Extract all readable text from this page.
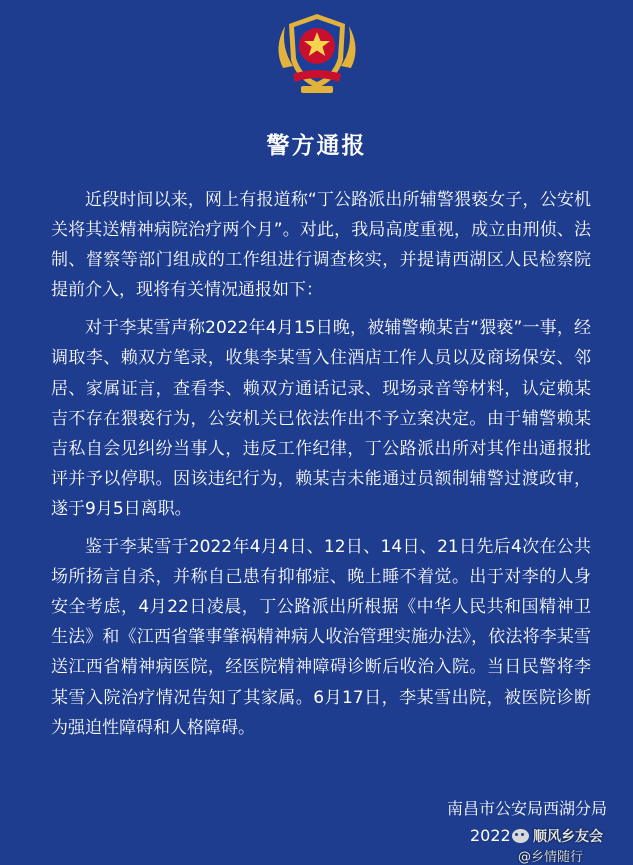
警方通报

近段时间以来，网上有报道称“丁公路派出所辅警猥亵女子，公安机关将其送精神病院治疗两个月”。对此，我局高度重视，成立由刑侦、法制、督察等部门组成的工作组进行调查核实，并提请西湖区人民检察院提前介入，现将有关情况通报如下：

对于李某雪声称2022年4月15日晚，被辅警赖某吉“猥亵”一事，经调取李、赖双方笔录，收集李某雪入住酒店工作人员以及商场保安、邻居、家属证言，查看李、赖双方通话记录、现场录音等材料，认定赖某吉不存在猥亵行为，公安机关已依法作出不予立案决定。由于辅警赖某吉私自会见纠纷当事人，违反工作纪律，丁公路派出所对其作出通报批评并予以停职。因该违纪行为，赖某吉未能通过员额制辅警过渡政审，遂于9月5日离职。

鉴于李某雪于2022年4月4日、12日、14日、21日先后4次在公共场所扬言自杀，并称自己患有抑郁症、晚上睡不着觉。出于对李的人身安全考虑，4月22日凌晨，丁公路派出所根据《中华人民共和国精神卫生法》和《江西省肇事肇祸精神病人收治管理实施办法》，依法将李某雪送江西省精神病医院，经医院精神障碍诊断后收治入院。当日民警将李某雪入院治疗情况告知了其家属。6月17日，李某雪出院，被医院诊断为强迫性障碍和人格障碍。

南昌市公安局西湖分局
2022 顺风乡友会
@乡情随行
